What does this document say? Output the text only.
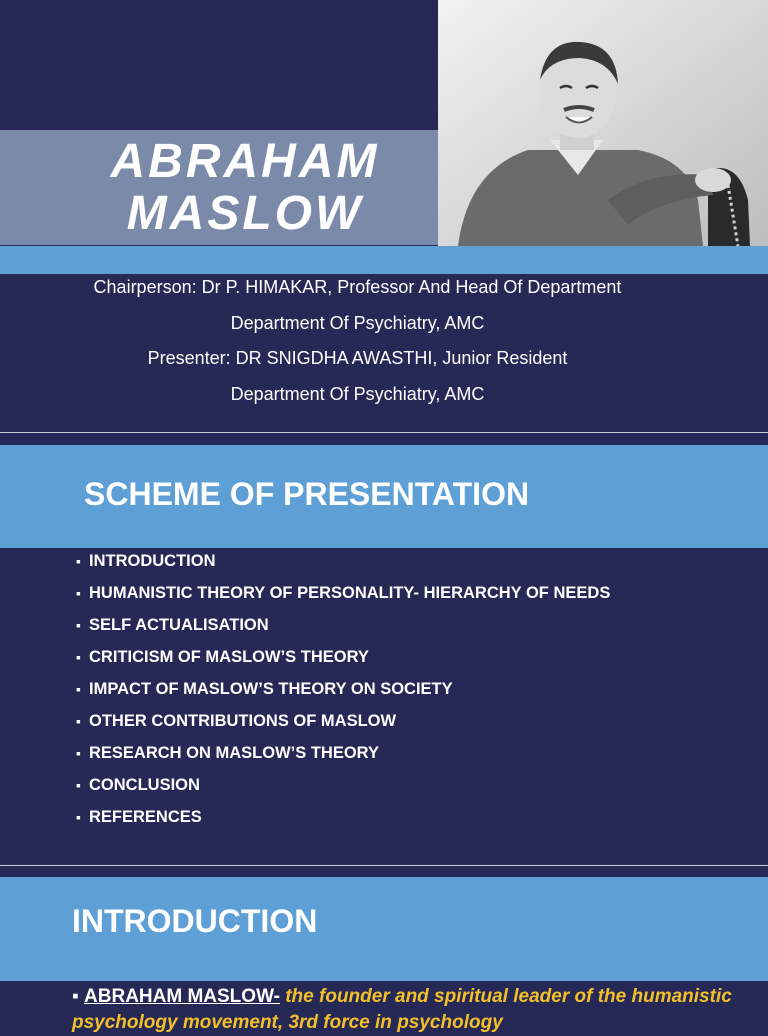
ABRAHAM
MASLOW
Chairperson: Dr P. HIMAKAR, Professor And Head Of Department
Department Of Psychiatry, AMC
Presenter: DR SNIGDHA AWASTHI, Junior Resident
Department Of Psychiatry, AMC
SCHEME OF PRESENTATION
▪ INTRODUCTION
▪ HUMANISTIC THEORY OF PERSONALITY- HIERARCHY OF NEEDS
▪ SELF ACTUALISATION
▪ CRITICISM OF MASLOW’S THEORY
▪ IMPACT OF MASLOW’S THEORY ON SOCIETY
▪ OTHER CONTRIBUTIONS OF MASLOW
▪ RESEARCH ON MASLOW’S THEORY
▪ CONCLUSION
▪ REFERENCES
INTRODUCTION
▪ ABRAHAM MASLOW- the founder and spiritual leader of the humanistic psychology movement, 3rd force in psychology
